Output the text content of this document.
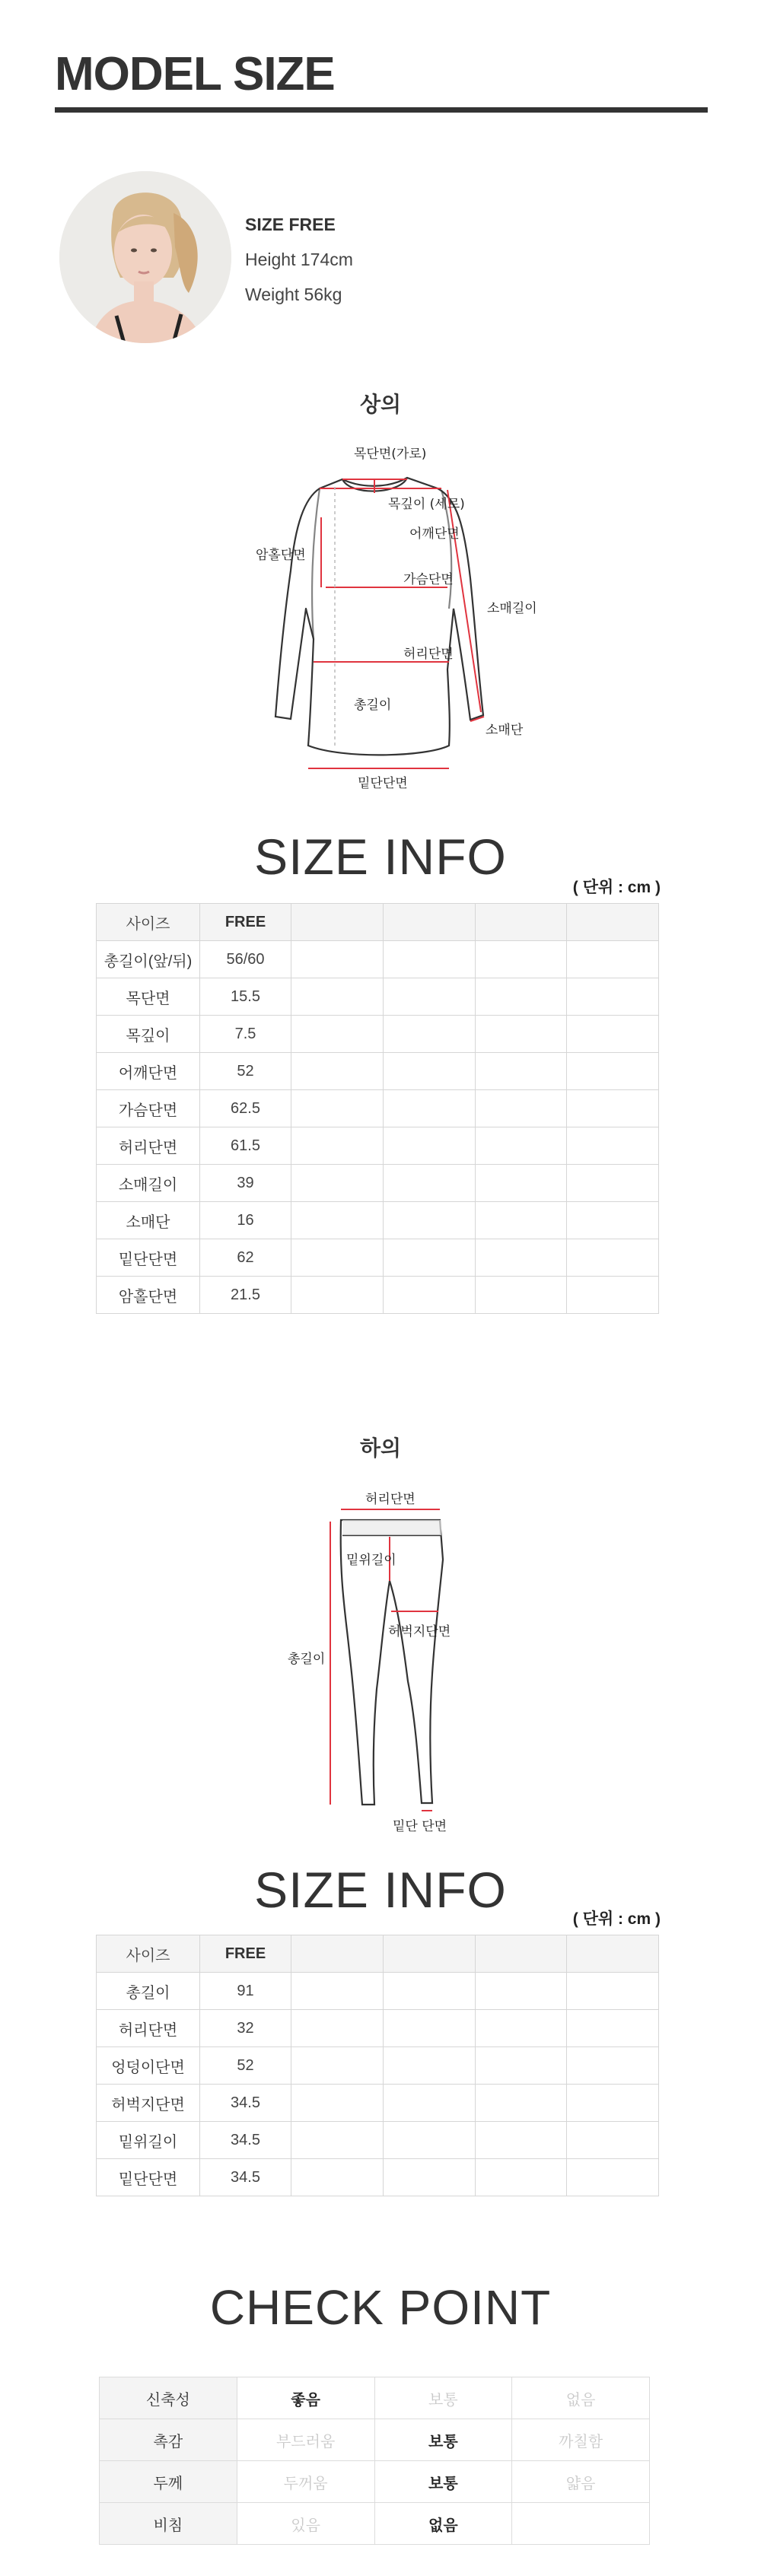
MODEL SIZE
SIZE FREE
Height 174cm
Weight 56kg
상의
목단면(가로)
목깊이 (세로)
어깨단면
암홀단면
가슴단면
소매길이
허리단면
총길이
소매단
밑단단면
SIZE INFO
( 단위 : cm )
사이즈	FREE				
총길이(앞/뒤)	56/60				
목단면	15.5				
목깊이	7.5				
어깨단면	52				
가슴단면	62.5				
허리단면	61.5				
소매길이	39				
소매단	16				
밑단단면	62				
암홀단면	21.5				
하의
허리단면
밑위길이
허벅지단면
총길이
밑단 단면
SIZE INFO
( 단위 : cm )
사이즈	FREE				
총길이	91				
허리단면	32				
엉덩이단면	52				
허벅지단면	34.5				
밑위길이	34.5				
밑단단면	34.5				
CHECK POINT
신축성	좋음	보통	없음
촉감	부드러움	보통	까칠함
두께	두꺼움	보통	얇음
비침	있음	없음	
